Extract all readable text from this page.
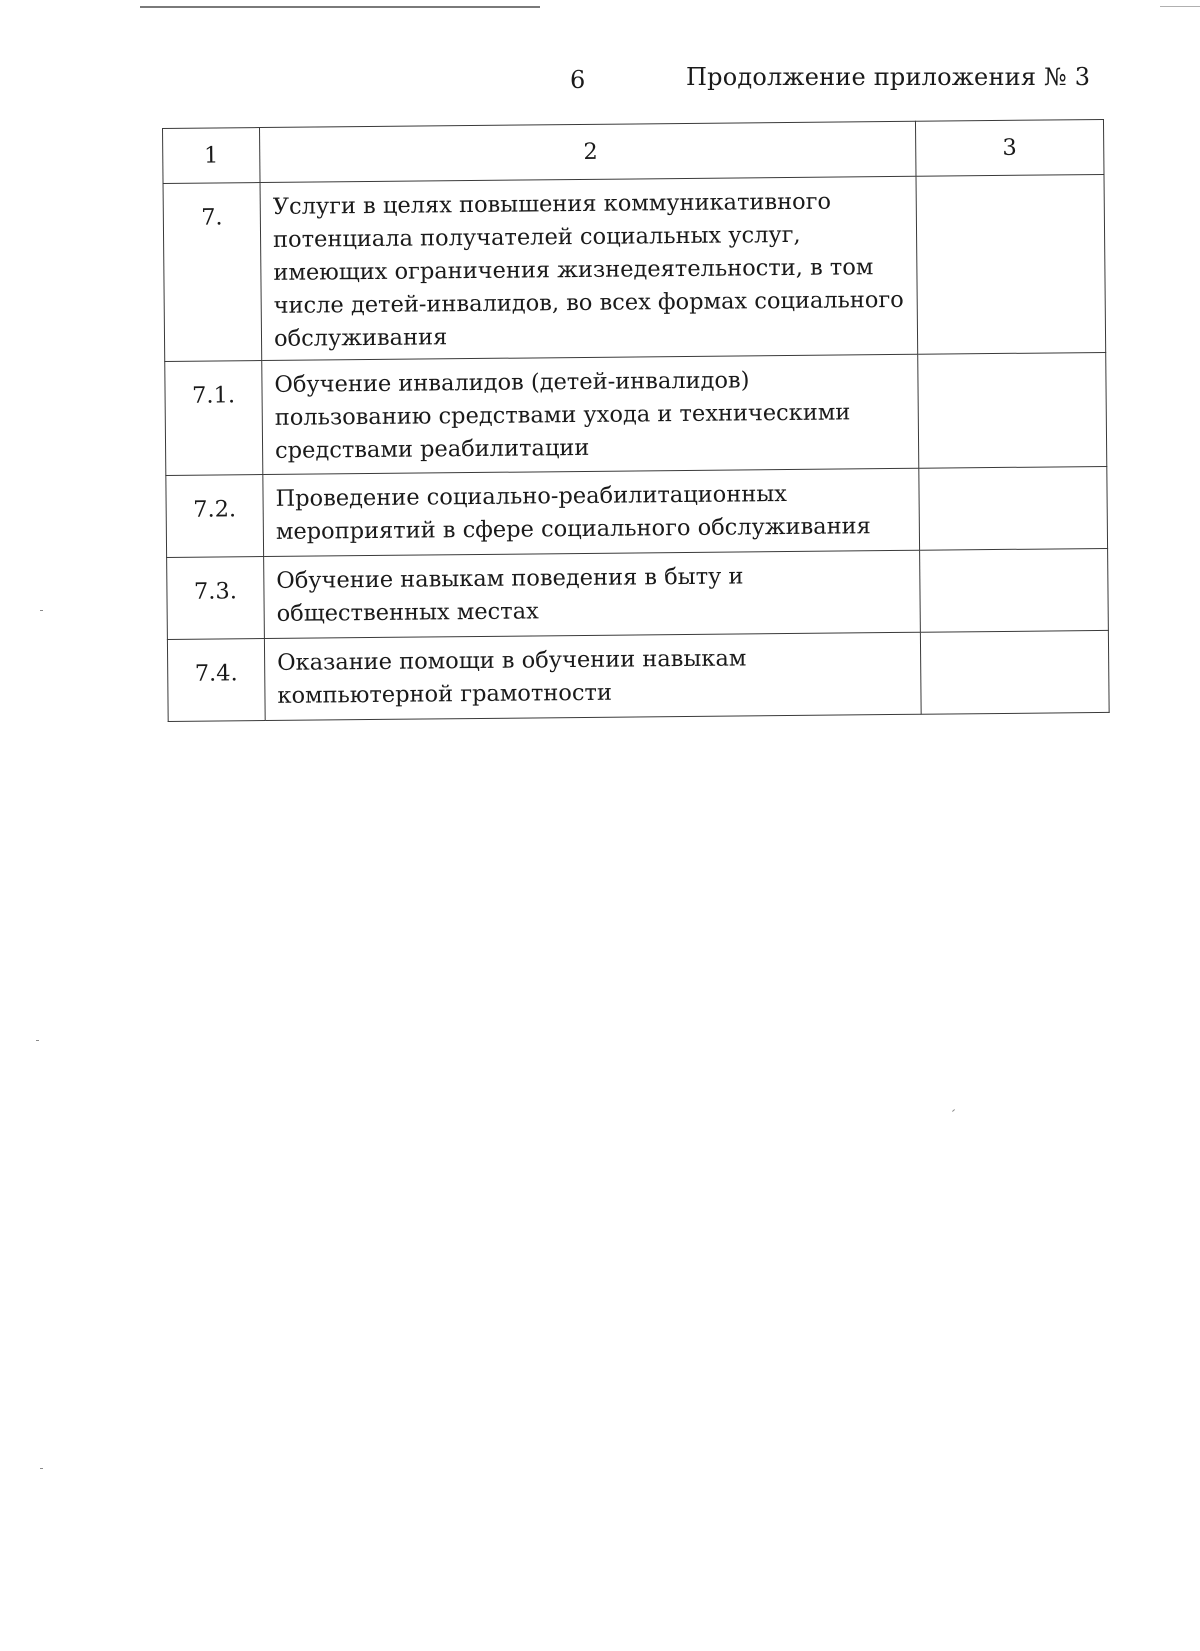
6	Продолжение приложения № 3
1	2	3
7.	Услуги в целях повышения коммуникативного потенциала получателей социальных услуг, имеющих ограничения жизнедеятельности, в том числе детей-инвалидов, во всех формах социального обслуживания	
7.1.	Обучение инвалидов (детей-инвалидов) пользованию средствами ухода и техническими средствами реабилитации	
7.2.	Проведение социально-реабилитационных мероприятий в сфере социального обслуживания	
7.3.	Обучение навыкам поведения в быту и общественных местах	
7.4.	Оказание помощи в обучении навыкам компьютерной грамотности	
